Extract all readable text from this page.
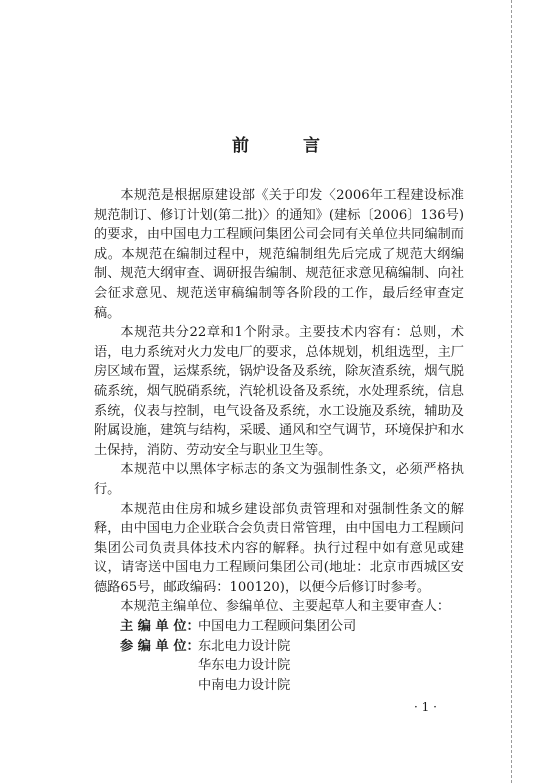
前 言

本规范是根据原建设部《关于印发〈2006年工程建设标准规范制订、修订计划(第二批)〉的通知》(建标〔2006〕136号)的要求，由中国电力工程顾问集团公司会同有关单位共同编制而成。本规范在编制过程中，规范编制组先后完成了规范大纲编制、规范大纲审查、调研报告编制、规范征求意见稿编制、向社会征求意见、规范送审稿编制等各阶段的工作，最后经审查定稿。

本规范共分22章和1个附录。主要技术内容有：总则，术语，电力系统对火力发电厂的要求，总体规划，机组选型，主厂房区域布置，运煤系统，锅炉设备及系统，除灰渣系统，烟气脱硫系统，烟气脱硝系统，汽轮机设备及系统，水处理系统，信息系统，仪表与控制，电气设备及系统，水工设施及系统，辅助及附属设施，建筑与结构，采暖、通风和空气调节，环境保护和水土保持，消防、劳动安全与职业卫生等。

本规范中以黑体字标志的条文为强制性条文，必须严格执行。

本规范由住房和城乡建设部负责管理和对强制性条文的解释，由中国电力企业联合会负责日常管理，由中国电力工程顾问集团公司负责具体技术内容的解释。执行过程中如有意见或建议，请寄送中国电力工程顾问集团公司(地址：北京市西城区安德路65号，邮政编码：100120)，以便今后修订时参考。

本规范主编单位、参编单位、主要起草人和主要审查人：

主 编 单 位：
中国电力工程顾问集团公司
参 编 单 位：
东北电力设计院
华东电力设计院
中南电力设计院
· 1 ·
